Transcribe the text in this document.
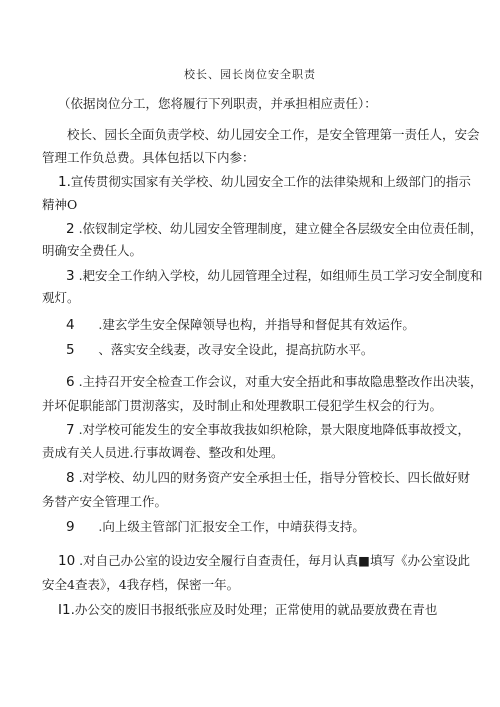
校长、园长岗位安全职责
（依据岗位分工，您将履行下列职责，并承担相应责任）：
校长、园长全面负责学校、幼儿园安全工作，是安全管理第一责任人，安会
管理工作负总费。具体包括以下内参：
1.宣传贯彻实国家有关学校、幼儿园安全工作的法律染规和上级部门的指示
精神O
2 .依钗制定学校、幼儿园安全管理制度，建立健全各层级安全由位责任制，
明确安全费任人。
3 .耙安全工作纳入学校，幼儿园管理全过程，如组师生员工学习安全制度和
观灯。
4      .建玄学生安全保障领导也构，并指导和督促其有效运作。
5      、落实安全线妻，改寻安全设此，提高抗防水平。
6 .主持召开安全检查工作会议，对重大安全捂此和事故隐患整改作出决装，
并坏促职能部门贯沏落实，及时制止和处理教职工侵犯学生权会的行为。
7 .对学校可能发生的安全事故我抜如织枪除，景大限度地降低事故授文，
责成有关人员进.行事故调卷、整改和处理。
8 .对学校、幼儿四的财务资产安全承担士任，指导分管校长、四长做好财
务替产安全管理工作。
9      .向上级主管部门汇报安全工作，中靖获得支持。
10 .对自己办公室的设边安全履行自查责任，毎月认真■填写《办公室设此
安全4查表》，4我存档，保密一年。
I1.办公交的废旧书报纸张应及时处理；正常使用的就品要放费在青也
